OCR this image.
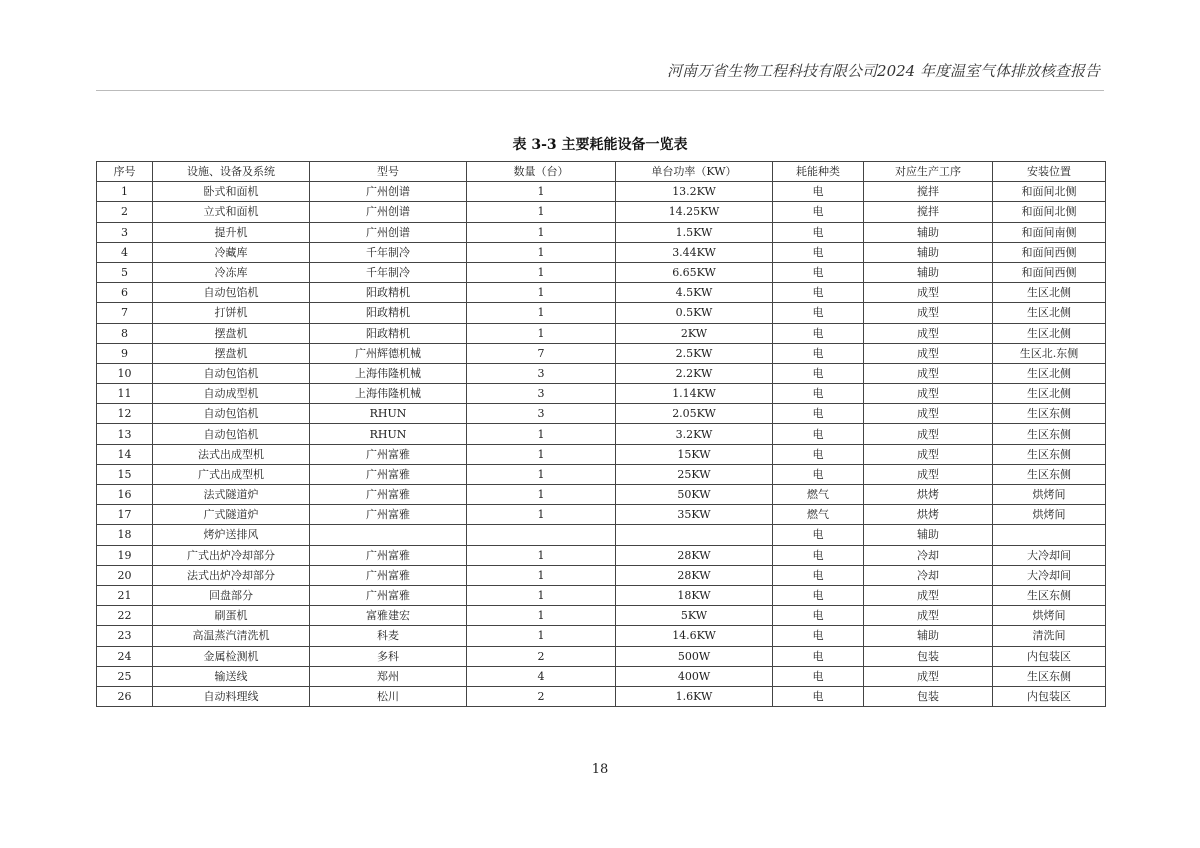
河南万省生物工程科技有限公司2024 年度温室气体排放核查报告
表 3-3 主要耗能设备一览表
序号	设施、设备及系统	型号	数量（台）	单台功率（KW）	耗能种类	对应生产工序	安装位置
1	卧式和面机	广州创谱	1	13.2KW	电	搅拌	和面间北侧
2	立式和面机	广州创谱	1	14.25KW	电	搅拌	和面间北侧
3	提升机	广州创谱	1	1.5KW	电	辅助	和面间南侧
4	冷藏库	千年制冷	1	3.44KW	电	辅助	和面间西侧
5	冷冻库	千年制冷	1	6.65KW	电	辅助	和面间西侧
6	自动包馅机	阳政精机	1	4.5KW	电	成型	生区北侧
7	打饼机	阳政精机	1	0.5KW	电	成型	生区北侧
8	摆盘机	阳政精机	1	2KW	电	成型	生区北侧
9	摆盘机	广州辉德机械	7	2.5KW	电	成型	生区北.东侧
10	自动包馅机	上海伟隆机械	3	2.2KW	电	成型	生区北侧
11	自动成型机	上海伟隆机械	3	1.14KW	电	成型	生区北侧
12	自动包馅机	RHUN	3	2.05KW	电	成型	生区东侧
13	自动包馅机	RHUN	1	3.2KW	电	成型	生区东侧
14	法式出成型机	广州富雅	1	15KW	电	成型	生区东侧
15	广式出成型机	广州富雅	1	25KW	电	成型	生区东侧
16	法式隧道炉	广州富雅	1	50KW	燃气	烘烤	烘烤间
17	广式隧道炉	广州富雅	1	35KW	燃气	烘烤	烘烤间
18	烤炉送排风				电	辅助	
19	广式出炉冷却部分	广州富雅	1	28KW	电	冷却	大冷却间
20	法式出炉冷却部分	广州富雅	1	28KW	电	冷却	大冷却间
21	回盘部分	广州富雅	1	18KW	电	成型	生区东侧
22	刷蛋机	富雅建宏	1	5KW	电	成型	烘烤间
23	高温蒸汽清洗机	科麦	1	14.6KW	电	辅助	清洗间
24	金属检测机	多科	2	500W	电	包装	内包装区
25	输送线	郑州	4	400W	电	成型	生区东侧
26	自动料理线	松川	2	1.6KW	电	包装	内包装区
18
